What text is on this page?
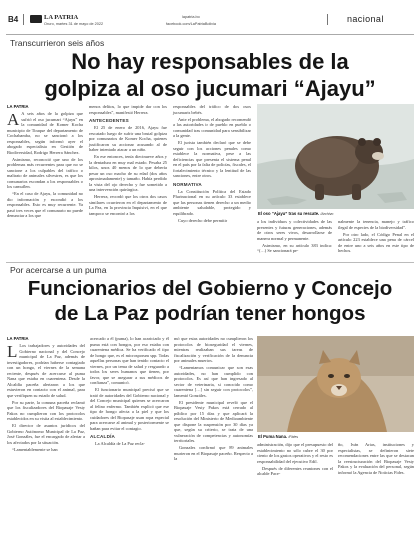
B4	LA PATRIA
Oruro, martes 31 de mayo de 2022
lapatria.bo
facebook.com/LaPatriaBolivia	nacional
Transcurrieron seis años
No hay responsables de la
golpiza al oso jucumari “Ajayu”

LA PATRIA

A A seis años de la golpiza que sufrió el oso jucumari “Ajayu” en la comunidad de Komer Kocha municipio de Tiraque del departamento de Cochabamba, no se sancionó a los responsables, según informó ayer el abogado especialista en Gestión de Biodiversidad, Rodrigo Herrera Sánchez.

Asimismo, reconoció que uno de los problemas más recurrentes para que no se sancione a los culpables del tráfico o maltrato de animales silvestres, es que los comunarios escondan a los responsables o los camuflen.

“En el caso de Ajayu, la comunidad no dio información y escondió a los responsables. Esto es muy recurrente. Ya pasó tres veces que el comunario no puede denunciar a los que

menos delitos, lo que impide dar con los responsables”, manifestó Herrera.

ANTECEDENTES

El 25 de enero de 2016, Ajayu fue rescatado luego de sufrir una brutal golpiza por comunarios de Komer Kocha, quienes justificaron su accionar acusando al de haber intentado atacar a un niño.

En ese entonces, tenía diecinueve años y la dentadura en muy mal estado. Pesaba 25 kilos, unos 40 menos de lo que debería pesar un oso macho de su edad (dos años aproximadamente) y tamaño. Había perdido la vista del ojo derecho y fue sometido a una intervención quirúrgica.

Herrera, recordó que los otros dos casos similares ocurrieron en el departamento de La Paz, en la provincia Inquisivi, en el que tampoco se encontró a los

responsables del tráfico de dos osos jucumaris bebés.

Ante el problema, el abogado recomendó a las autoridades ir de pueblo en pueblo o comunidad tras comunidad para sensibilizar a la gente.

El jurista también declaró que se debe seguir con los acciones penales como establece la normativa, pese a las deficiencias que presenta el sistema penal en el país por la falta de policías, fiscales, el fortalecimiento técnico y la lentitud de las sanciones, entre otros.

NORMATIVA

La Constitución Política del Estado Plurinacional en su artículo 33 establece que las personas tienen derecho a un medio ambiente saludable, protegido y equilibrado.

Cuyo derecho debe permitir

El oso “Ajayu” tras su rescate. /Archivo

a los individuos y colectividades de las presentes y futuras generaciones, además de otros seres vivos, desarrollarse de manera normal y permanente.

Asimismo, en su artículo 383 indica: “(…) Se sancionará pe-

nalmente la tenencia, manejo y tráfico ilegal de especies de la biodiversidad”.

Por otro lado, el Código Penal en el artículo 223 establece una pena de cárcel de entre uno a seis años en este tipo de hechos.

Por acercarse a un puma
Funcionarios del Gobierno y Concejo
de La Paz podrían tener hongos

LA PATRIA

L Los trabajadores y autoridades del Gobierno nacional y del Concejo municipal de La Paz, además de investigadores, podrían haberse contagiado con un hongo, el viernes de la semana reciente, después de acercarse al puma Nana que estaba en cuarentena. Desde la Alcaldía paceña alertaron a los que estuvieron en contacto con el animal, para que verifiquen su estado de salud.

Por su parte, la comuna paceña reclamó que los fiscalizadores del Biopasaje Vesty Pakos no cumplieron con los protocolos establecidos en su visita al establecimiento.

El director de asuntos jurídicos del Gobierno Autónomo Municipal de La Paz, José Gonzáles, fue el encargado de alertar a los afectados por la situación.

“Lamentablemente se han

acercado a él (puma), lo han acariciado y él puma está con hongos, por eso estaba con cuarentena médica. Se ha verificado el tipo de hongo que, es el microsporum spp. Todas aquellas personas que han tenido contacto el viernes, por un tema de salud y resguardo a todos los seres humanos que tienen, por favor, que se asegurar a sus médicos de confianza”, comunicó.

El funcionario municipal precisó que se trató de autoridades del Gobierno nacional y del Concejo municipal quienes se acercaron al felino enfermo. También explicó que ese tipo de hongo afecta a la piel y que los cuidadores del Biopasaje usan ropa especial para acercarse al animal y posteriormente se bañan para evitar el contagio.

ALCALDÍA

La Alcaldía de La Paz recla-

mó que estas autoridades no cumplieron los protocolos de bioseguridad el viernes, mientras realizaban sus tareas de fiscalización y verificación de la denuncia por animales muertos.

“Lamentamos comunicar que son esas autoridades, no han cumplido con protocolos. Es así que han ingresado al sector de veterinaria, si conocido como cuarentena […] sin seguir con protocolos”, lamentó Gonzáles.

El presidente municipal reveló que el Biopasaje Vesty Pakos está cerrado al público por 15 días y que aplicará la resolución del Ministerio de Medioambiente que dispone la suspensión por 30 días ya que, según su criterio, se trata de una vulneración de competencias y autonomías territoriales.

Gonzales confirmó que 89 animales murieron en el Biopasaje paceño. Respecto a la

El Puma Nana. /Fides

administración, dijo que el presupuesto del establecimiento no sólo cubre el 30 por ciento de los gastos operativos y el resto es responsabilidad del ejecutivo Edil.

Después de diferentes reuniones con el alcalde Pace-

ño, Iván Arias, instituciones y especialistas, se definieron siete recomendaciones entre las que se destacan la reestructuración del Biopasaje Vesty Pakos y la evaluación del personal, según informó la Agencia de Noticias Fides.
